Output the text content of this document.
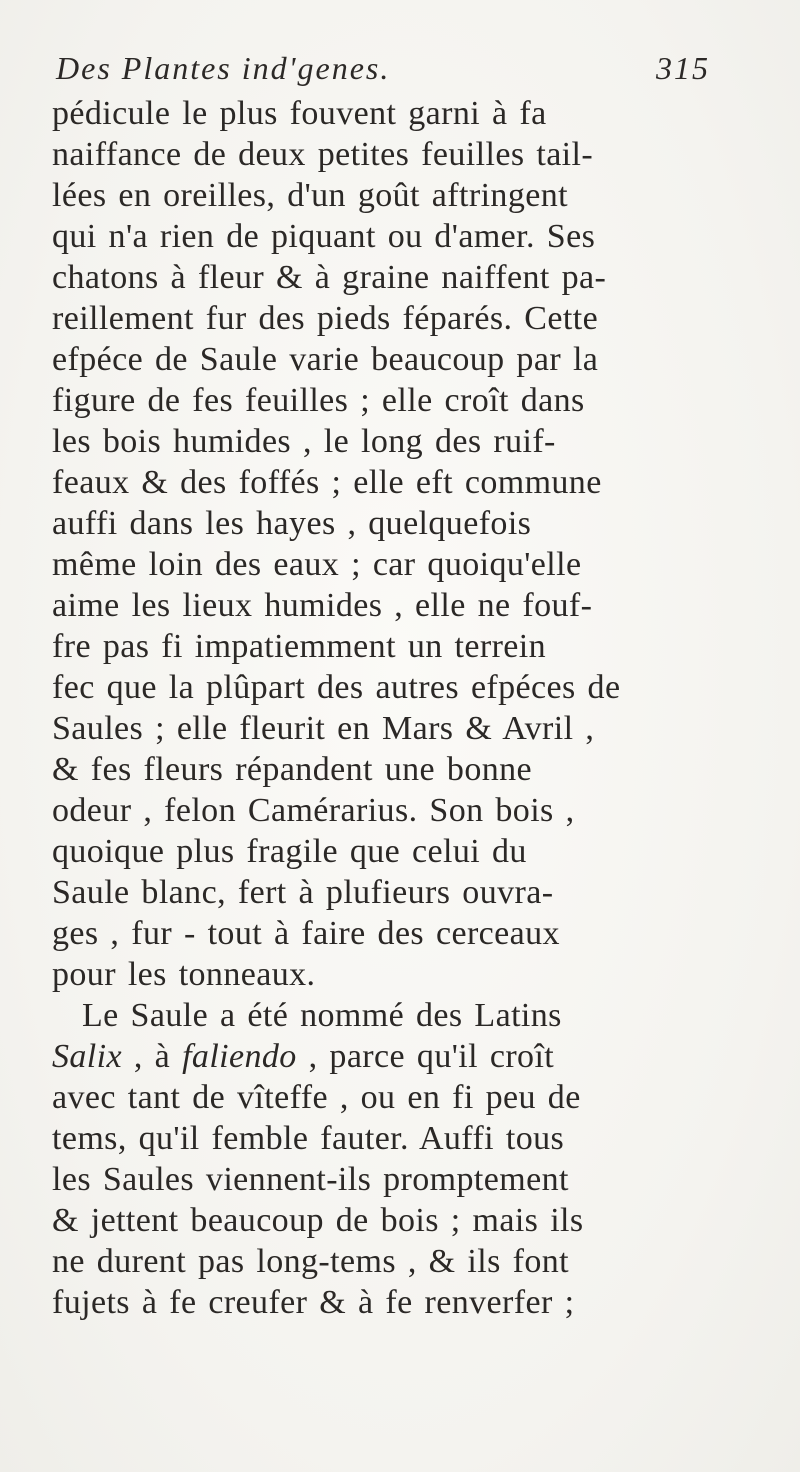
Des Plantes ind'genes.	315
pédicule le plus fouvent garni à fa
naiffance de deux petites feuilles tail-
lées en oreilles, d'un goût aftringent
qui n'a rien de piquant ou d'amer. Ses
chatons à fleur & à graine naiffent pa-
reillement fur des pieds féparés. Cette
efpéce de Saule varie beaucoup par la
figure de fes feuilles ; elle croît dans
les bois humides , le long des ruif-
feaux & des foffés ; elle eft commune
auffi dans les hayes , quelquefois
même loin des eaux ; car quoiqu'elle
aime les lieux humides , elle ne fouf-
fre pas fi impatiemment un terrein
fec que la plûpart des autres efpéces de
Saules ; elle fleurit en Mars & Avril ,
& fes fleurs répandent une bonne
odeur , felon Camérarius. Son bois ,
quoique plus fragile que celui du
Saule blanc, fert à plufieurs ouvra-
ges , fur - tout à faire des cerceaux
pour les tonneaux.
Le Saule a été nommé des Latins
Salix , à faliendo , parce qu'il croît
avec tant de vîteffe , ou en fi peu de
tems, qu'il femble fauter. Auffi tous
les Saules viennent-ils promptement
& jettent beaucoup de bois ; mais ils
ne durent pas long-tems , & ils font
fujets à fe creufer & à fe renverfer ;
